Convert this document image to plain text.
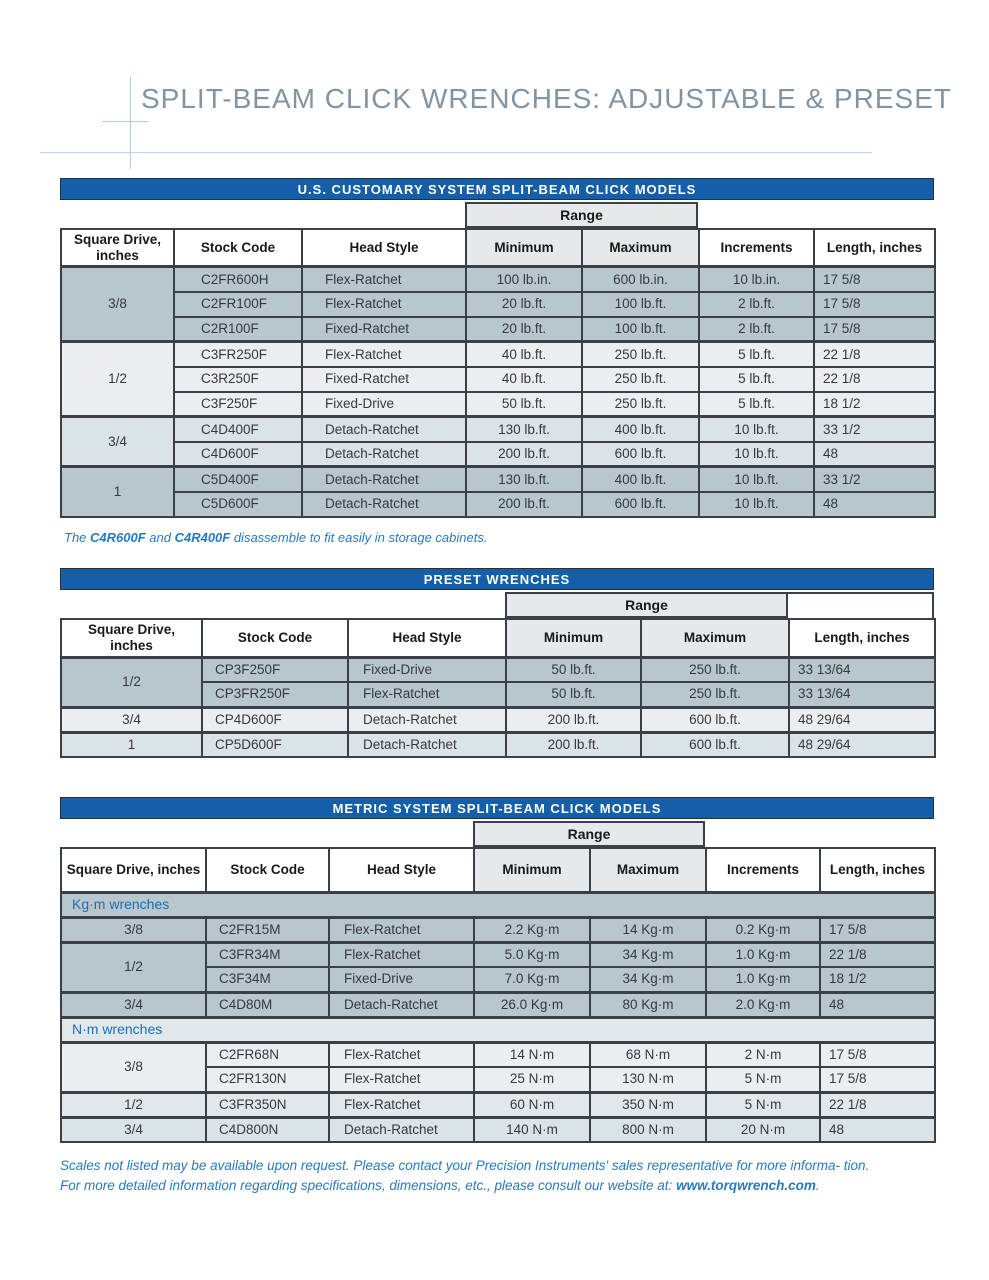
SPLIT-BEAM CLICK WRENCHES: ADJUSTABLE & PRESET
U.S. CUSTOMARY SYSTEM SPLIT-BEAM CLICK MODELS
Range
Square Drive, inches	Stock Code	Head Style	Minimum	Maximum	Increments	Length, inches
3/8	C2FR600H	Flex-Ratchet	100 lb.in.	600 lb.in.	10 lb.in.	17 5/8
	C2FR100F	Flex-Ratchet	20 lb.ft.	100 lb.ft.	2 lb.ft.	17 5/8
	C2R100F	Fixed-Ratchet	20 lb.ft.	100 lb.ft.	2 lb.ft.	17 5/8
1/2	C3FR250F	Flex-Ratchet	40 lb.ft.	250 lb.ft.	5 lb.ft.	22 1/8
	C3R250F	Fixed-Ratchet	40 lb.ft.	250 lb.ft.	5 lb.ft.	22 1/8
	C3F250F	Fixed-Drive	50 lb.ft.	250 lb.ft.	5 lb.ft.	18 1/2
3/4	C4D400F	Detach-Ratchet	130 lb.ft.	400 lb.ft.	10 lb.ft.	33 1/2
	C4D600F	Detach-Ratchet	200 lb.ft.	600 lb.ft.	10 lb.ft.	48
1	C5D400F	Detach-Ratchet	130 lb.ft.	400 lb.ft.	10 lb.ft.	33 1/2
	C5D600F	Detach-Ratchet	200 lb.ft.	600 lb.ft.	10 lb.ft.	48
PRESET WRENCHES
Range
Square Drive, inches	Stock Code	Head Style	Minimum	Maximum	Length, inches
1/2	CP3F250F	Fixed-Drive	50 lb.ft.	250 lb.ft.	33 13/64
	CP3FR250F	Flex-Ratchet	50 lb.ft.	250 lb.ft.	33 13/64
3/4	CP4D600F	Detach-Ratchet	200 lb.ft.	600 lb.ft.	48 29/64
1	CP5D600F	Detach-Ratchet	200 lb.ft.	600 lb.ft.	48 29/64
METRIC SYSTEM SPLIT-BEAM CLICK MODELS
Range
Square Drive, inches	Stock Code	Head Style	Minimum	Maximum	Increments	Length, inches
Kg·m wrenches						
3/8	C2FR15M	Flex-Ratchet	2.2 Kg·m	14 Kg·m	0.2 Kg·m	17 5/8
1/2	C3FR34M	Flex-Ratchet	5.0 Kg·m	34 Kg·m	1.0 Kg·m	22 1/8
	C3F34M	Fixed-Drive	7.0 Kg·m	34 Kg·m	1.0 Kg·m	18 1/2
3/4	C4D80M	Detach-Ratchet	26.0 Kg·m	80 Kg·m	2.0 Kg·m	48
N·m wrenches						
3/8	C2FR68N	Flex-Ratchet	14 N·m	68 N·m	2 N·m	17 5/8
	C2FR130N	Flex-Ratchet	25 N·m	130 N·m	5 N·m	17 5/8
1/2	C3FR350N	Flex-Ratchet	60 N·m	350 N·m	5 N·m	22 1/8
3/4	C4D800N	Detach-Ratchet	140 N·m	800 N·m	20 N·m	48

The C4R600F and C4R400F disassemble to fit easily in storage cabinets.

Scales not listed may be available upon request. Please contact your Precision Instruments' sales representative for more informa- tion. For more detailed information regarding specifications, dimensions, etc., please consult our website at: www.torqwrench.com.
